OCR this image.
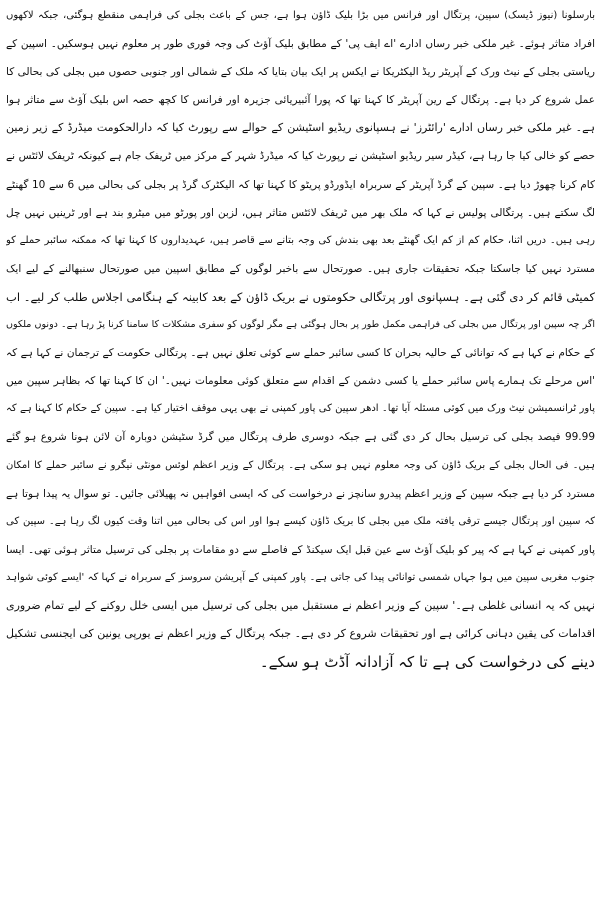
بارسلونا (نیوز ڈیسک) سپین، پرتگال اور فرانس میں بڑا بلیک ڈاؤن ہوا ہے، جس کے باعث بجلی کی فراہمی منقطع ہوگئی، جبکہ لاکھوں
افراد متاثر ہوئے۔ غیر ملکی خبر رساں ادارے 'اے ایف پی' کے مطابق بلیک آؤٹ کی وجہ فوری طور پر معلوم نہیں ہوسکیں۔ اسپین کے
ریاستی بجلی کے نیٹ ورک کے آپریٹر ریڈ الیکٹریکا نے ایکس پر ایک بیان بتایا کہ ملک کے شمالی اور جنوبی حصوں میں بجلی کی بحالی کا
عمل شروع کر دیا ہے۔ پرتگال کے رین آپریٹر کا کہنا تھا کہ پورا آئبیریائی جزیرہ اور فرانس کا کچھ حصہ اس بلیک آؤٹ سے متاثر ہوا
ہے۔ غیر ملکی خبر رساں ادارے 'رائٹرز' نے ہسپانوی ریڈیو اسٹیشن کے حوالے سے رپورٹ کیا کہ دارالحکومت میڈرڈ کے زیر زمین
حصے کو خالی کیا جا رہا ہے، کیڈر سیر ریڈیو اسٹیشن نے رپورٹ کیا کہ میڈرڈ شہر کے مرکز میں ٹریفک جام ہے کیونکہ ٹریفک لائٹس نے
کام کرنا چھوڑ دیا ہے۔ سپین کے گرڈ آپریٹر کے سربراہ ایڈورڈو پریٹو کا کہنا تھا کہ الیکٹرک گرڈ پر بجلی کی بحالی میں 6 سے 10 گھنٹے
لگ سکتے ہیں۔ پرتگالی پولیس نے کہا کہ ملک بھر میں ٹریفک لائٹس متاثر ہیں، لزبن اور پورٹو میں میٹرو بند ہے اور ٹرینیں نہیں چل
رہی ہیں۔ دریں اثنا، حکام کم از کم ایک گھنٹے بعد بھی بندش کی وجہ بتانے سے قاصر ہیں، عہدیداروں کا کہنا تھا کہ ممکنہ سائبر حملے کو
مسترد نہیں کیا جاسکتا جبکہ تحقیقات جاری ہیں۔ صورتحال سے باخبر لوگوں کے مطابق اسپین میں صورتحال سنبھالنے کے لیے ایک
کمیٹی قائم کر دی گئی ہے۔ ہسپانوی اور پرتگالی حکومتوں نے بریک ڈاؤن کے بعد کابینہ کے ہنگامی اجلاس طلب کر لیے۔ اب
اگر چہ سپین اور پرتگال میں بجلی کی فراہمی مکمل طور پر بحال ہوگئی ہے مگر لوگوں کو سفری مشکلات کا سامنا کرنا پڑ رہا ہے۔ دونوں ملکوں
کے حکام نے کہا ہے کہ توانائی کے حالیہ بحران کا کسی سائبر حملے سے کوئی تعلق نہیں ہے۔ پرتگالی حکومت کے ترجمان نے کہا ہے کہ
'اس مرحلے تک ہمارے پاس سائبر حملے یا کسی دشمن کے اقدام سے متعلق کوئی معلومات نہیں۔' ان کا کہنا تھا کہ بظاہر سپین میں
پاور ٹرانسمیشن نیٹ ورک میں کوئی مسئلہ آیا تھا۔ ادھر سپین کی پاور کمپنی نے بھی یہی موقف اختیار کیا ہے۔ سپین کے حکام کا کہنا ہے کہ
99.99 فیصد بجلی کی ترسیل بحال کر دی گئی ہے جبکہ دوسری طرف پرتگال میں گرڈ سٹیشن دوبارہ آن لائن ہونا شروع ہو گئے
ہیں۔ فی الحال بجلی کے بریک ڈاؤن کی وجہ معلوم نہیں ہو سکی ہے۔ پرتگال کے وزیر اعظم لوئس مونٹی نیگرو نے سائبر حملے کا امکان
مسترد کر دیا ہے جبکہ سپین کے وزیر اعظم پیدرو سانچز نے درخواست کی کہ ایسی افواہیں نہ پھیلائی جائیں۔ تو سوال یہ پیدا ہوتا ہے
کہ سپین اور پرتگال جیسے ترقی یافتہ ملک میں بجلی کا بریک ڈاؤن کیسے ہوا اور اس کی بحالی میں اتنا وقت کیوں لگ رہا ہے۔ سپین کی
پاور کمپنی نے کہا ہے کہ پیر کو بلیک آؤٹ سے عین قبل ایک سیکنڈ کے فاصلے سے دو مقامات پر بجلی کی ترسیل متاثر ہوئی تھی۔ ایسا
جنوب مغربی سپین میں ہوا جہاں شمسی توانائی پیدا کی جاتی ہے۔ پاور کمپنی کے آپریشن سروسز کے سربراہ نے کہا کہ 'ایسے کوئی شواہد
نہیں کہ یہ انسانی غلطی ہے۔' سپین کے وزیر اعظم نے مستقبل میں بجلی کی ترسیل میں ایسی خلل روکنے کے لیے تمام ضروری
اقدامات کی یقین دہانی کرائی ہے اور تحقیقات شروع کر دی ہے۔ جبکہ پرتگال کے وزیر اعظم نے یورپی یونین کی ایجنسی تشکیل
دینے کی درخواست کی ہے تا کہ آزادانہ آڈٹ ہو سکے۔
